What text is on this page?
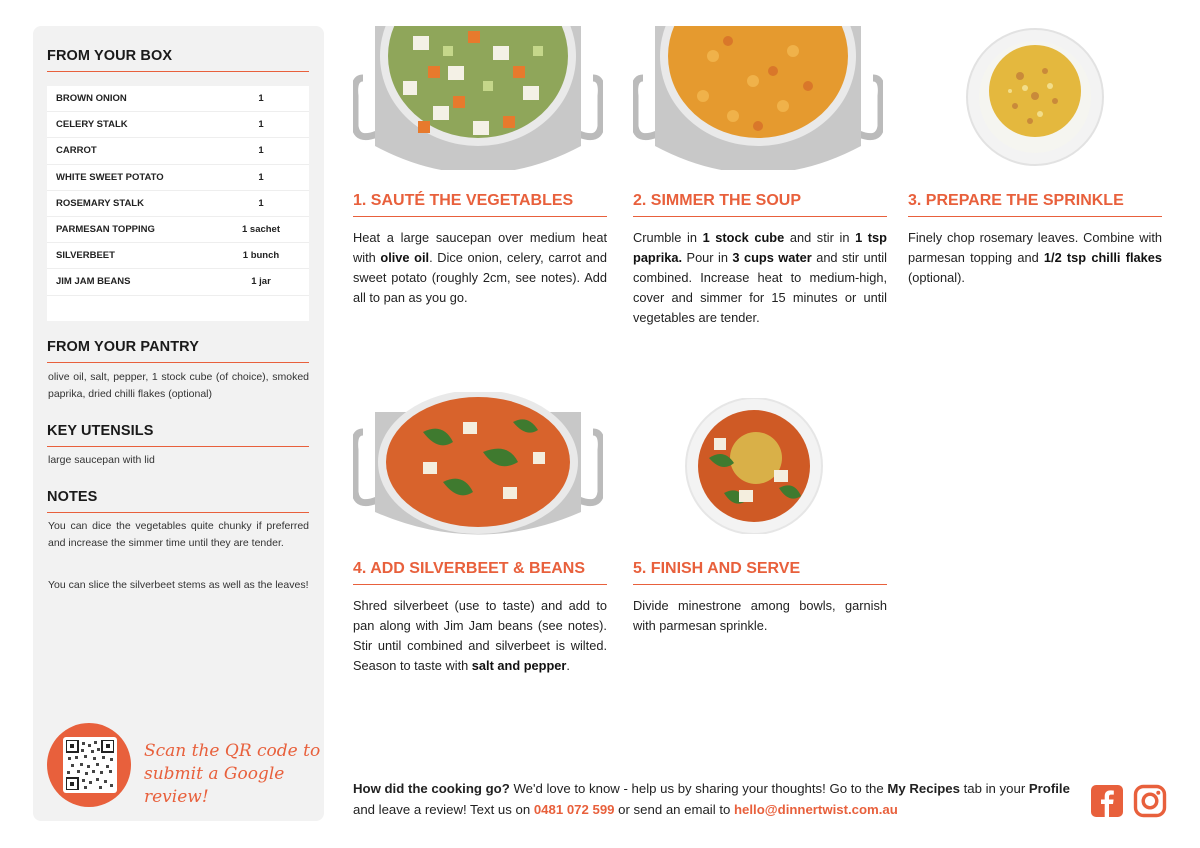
FROM YOUR BOX
BROWN ONION	1
CELERY STALK	1
CARROT	1
WHITE SWEET POTATO	1
ROSEMARY STALK	1
PARMESAN TOPPING	1 sachet
SILVERBEET	1 bunch
JIM JAM BEANS	1 jar
FROM YOUR PANTRY
olive oil, salt, pepper, 1 stock cube (of choice), smoked paprika, dried chilli flakes (optional)
KEY UTENSILS
large saucepan with lid
NOTES
You can dice the vegetables quite chunky if preferred and increase the simmer time until they are tender.
You can slice the silverbeet stems as well as the leaves!
Scan the QR code to
submit a Google review!
1. SAUTÉ THE VEGETABLES
Heat a large saucepan over medium heat with olive oil. Dice onion, celery, carrot and sweet potato (roughly 2cm, see notes). Add all to pan as you go.
2. SIMMER THE SOUP
Crumble in 1 stock cube and stir in 1 tsp paprika. Pour in 3 cups water and stir until combined. Increase heat to medium-high, cover and simmer for 15 minutes or until vegetables are tender.
3. PREPARE THE SPRINKLE
Finely chop rosemary leaves. Combine with parmesan topping and 1/2 tsp chilli flakes (optional).
4. ADD SILVERBEET & BEANS
Shred silverbeet (use to taste) and add to pan along with Jim Jam beans (see notes). Stir until combined and silverbeet is wilted. Season to taste with salt and pepper.
5. FINISH AND SERVE
Divide minestrone among bowls, garnish with parmesan sprinkle.
How did the cooking go? We'd love to know - help us by sharing your thoughts! Go to the My Recipes tab in your Profile and leave a review! Text us on 0481 072 599 or send an email to hello@dinnertwist.com.au
